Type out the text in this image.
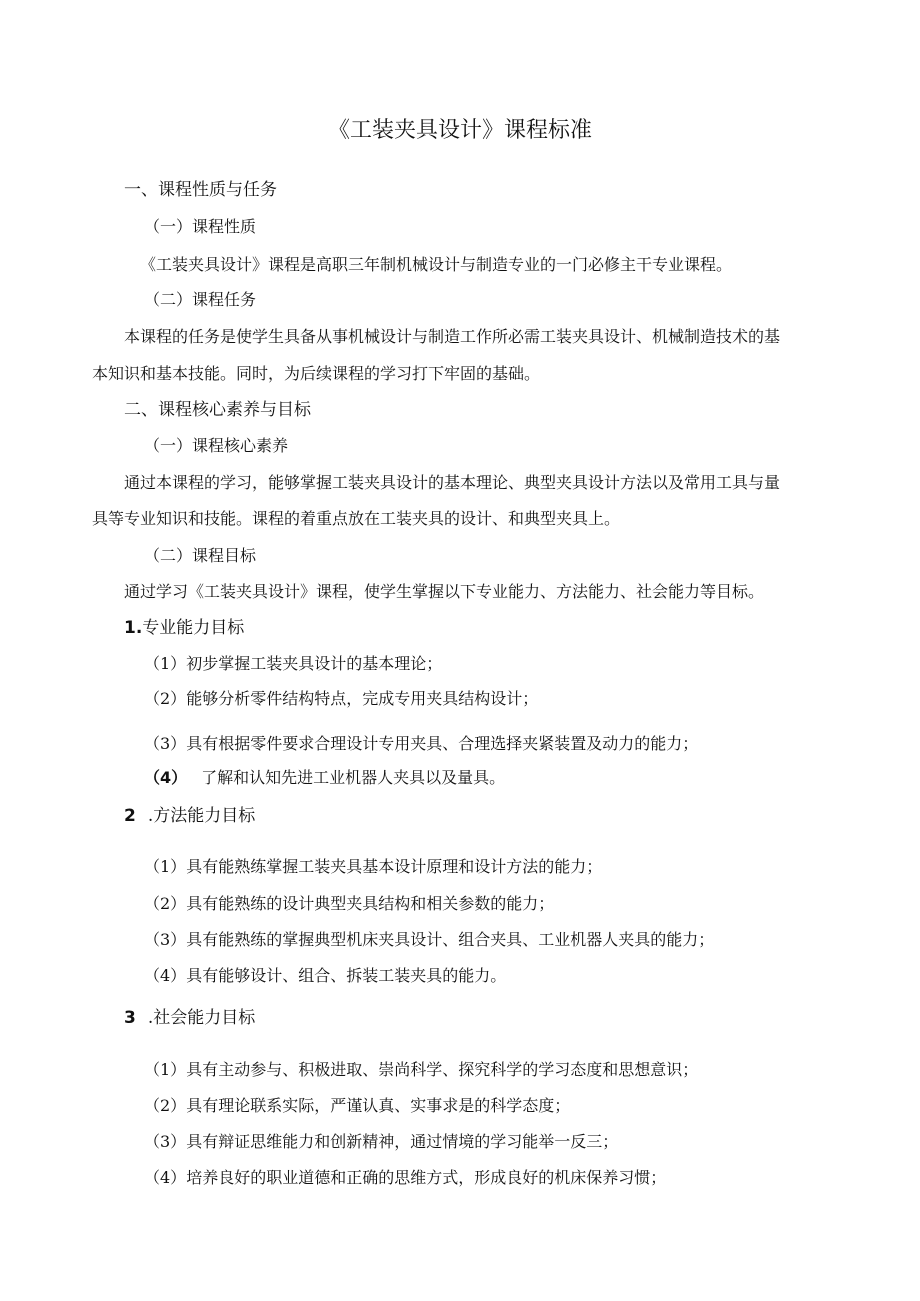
《工装夹具设计》课程标准
一、课程性质与任务
（一）课程性质
《工装夹具设计》课程是高职三年制机械设计与制造专业的一门必修主干专业课程。
（二）课程任务
本课程的任务是使学生具备从事机械设计与制造工作所必需工装夹具设计、机械制造技术的基
本知识和基本技能。同时，为后续课程的学习打下牢固的基础。
二、课程核心素养与目标
（一）课程核心素养
通过本课程的学习，能够掌握工装夹具设计的基本理论、典型夹具设计方法以及常用工具与量
具等专业知识和技能。课程的着重点放在工装夹具的设计、和典型夹具上。
（二）课程目标
通过学习《工装夹具设计》课程，使学生掌握以下专业能力、方法能力、社会能力等目标。
1.专业能力目标
（1）初步掌握工装夹具设计的基本理论；
（2）能够分析零件结构特点，完成专用夹具结构设计；
（3）具有根据零件要求合理设计专用夹具、合理选择夹紧装置及动力的能力；
（4） 了解和认知先进工业机器人夹具以及量具。
2 .方法能力目标
（1）具有能熟练掌握工装夹具基本设计原理和设计方法的能力；
（2）具有能熟练的设计典型夹具结构和相关参数的能力；
（3）具有能熟练的掌握典型机床夹具设计、组合夹具、工业机器人夹具的能力；
（4）具有能够设计、组合、拆装工装夹具的能力。
3 .社会能力目标
（1）具有主动参与、积极进取、崇尚科学、探究科学的学习态度和思想意识；
（2）具有理论联系实际，严谨认真、实事求是的科学态度；
（3）具有辩证思维能力和创新精神，通过情境的学习能举一反三；
（4）培养良好的职业道德和正确的思维方式，形成良好的机床保养习惯；
